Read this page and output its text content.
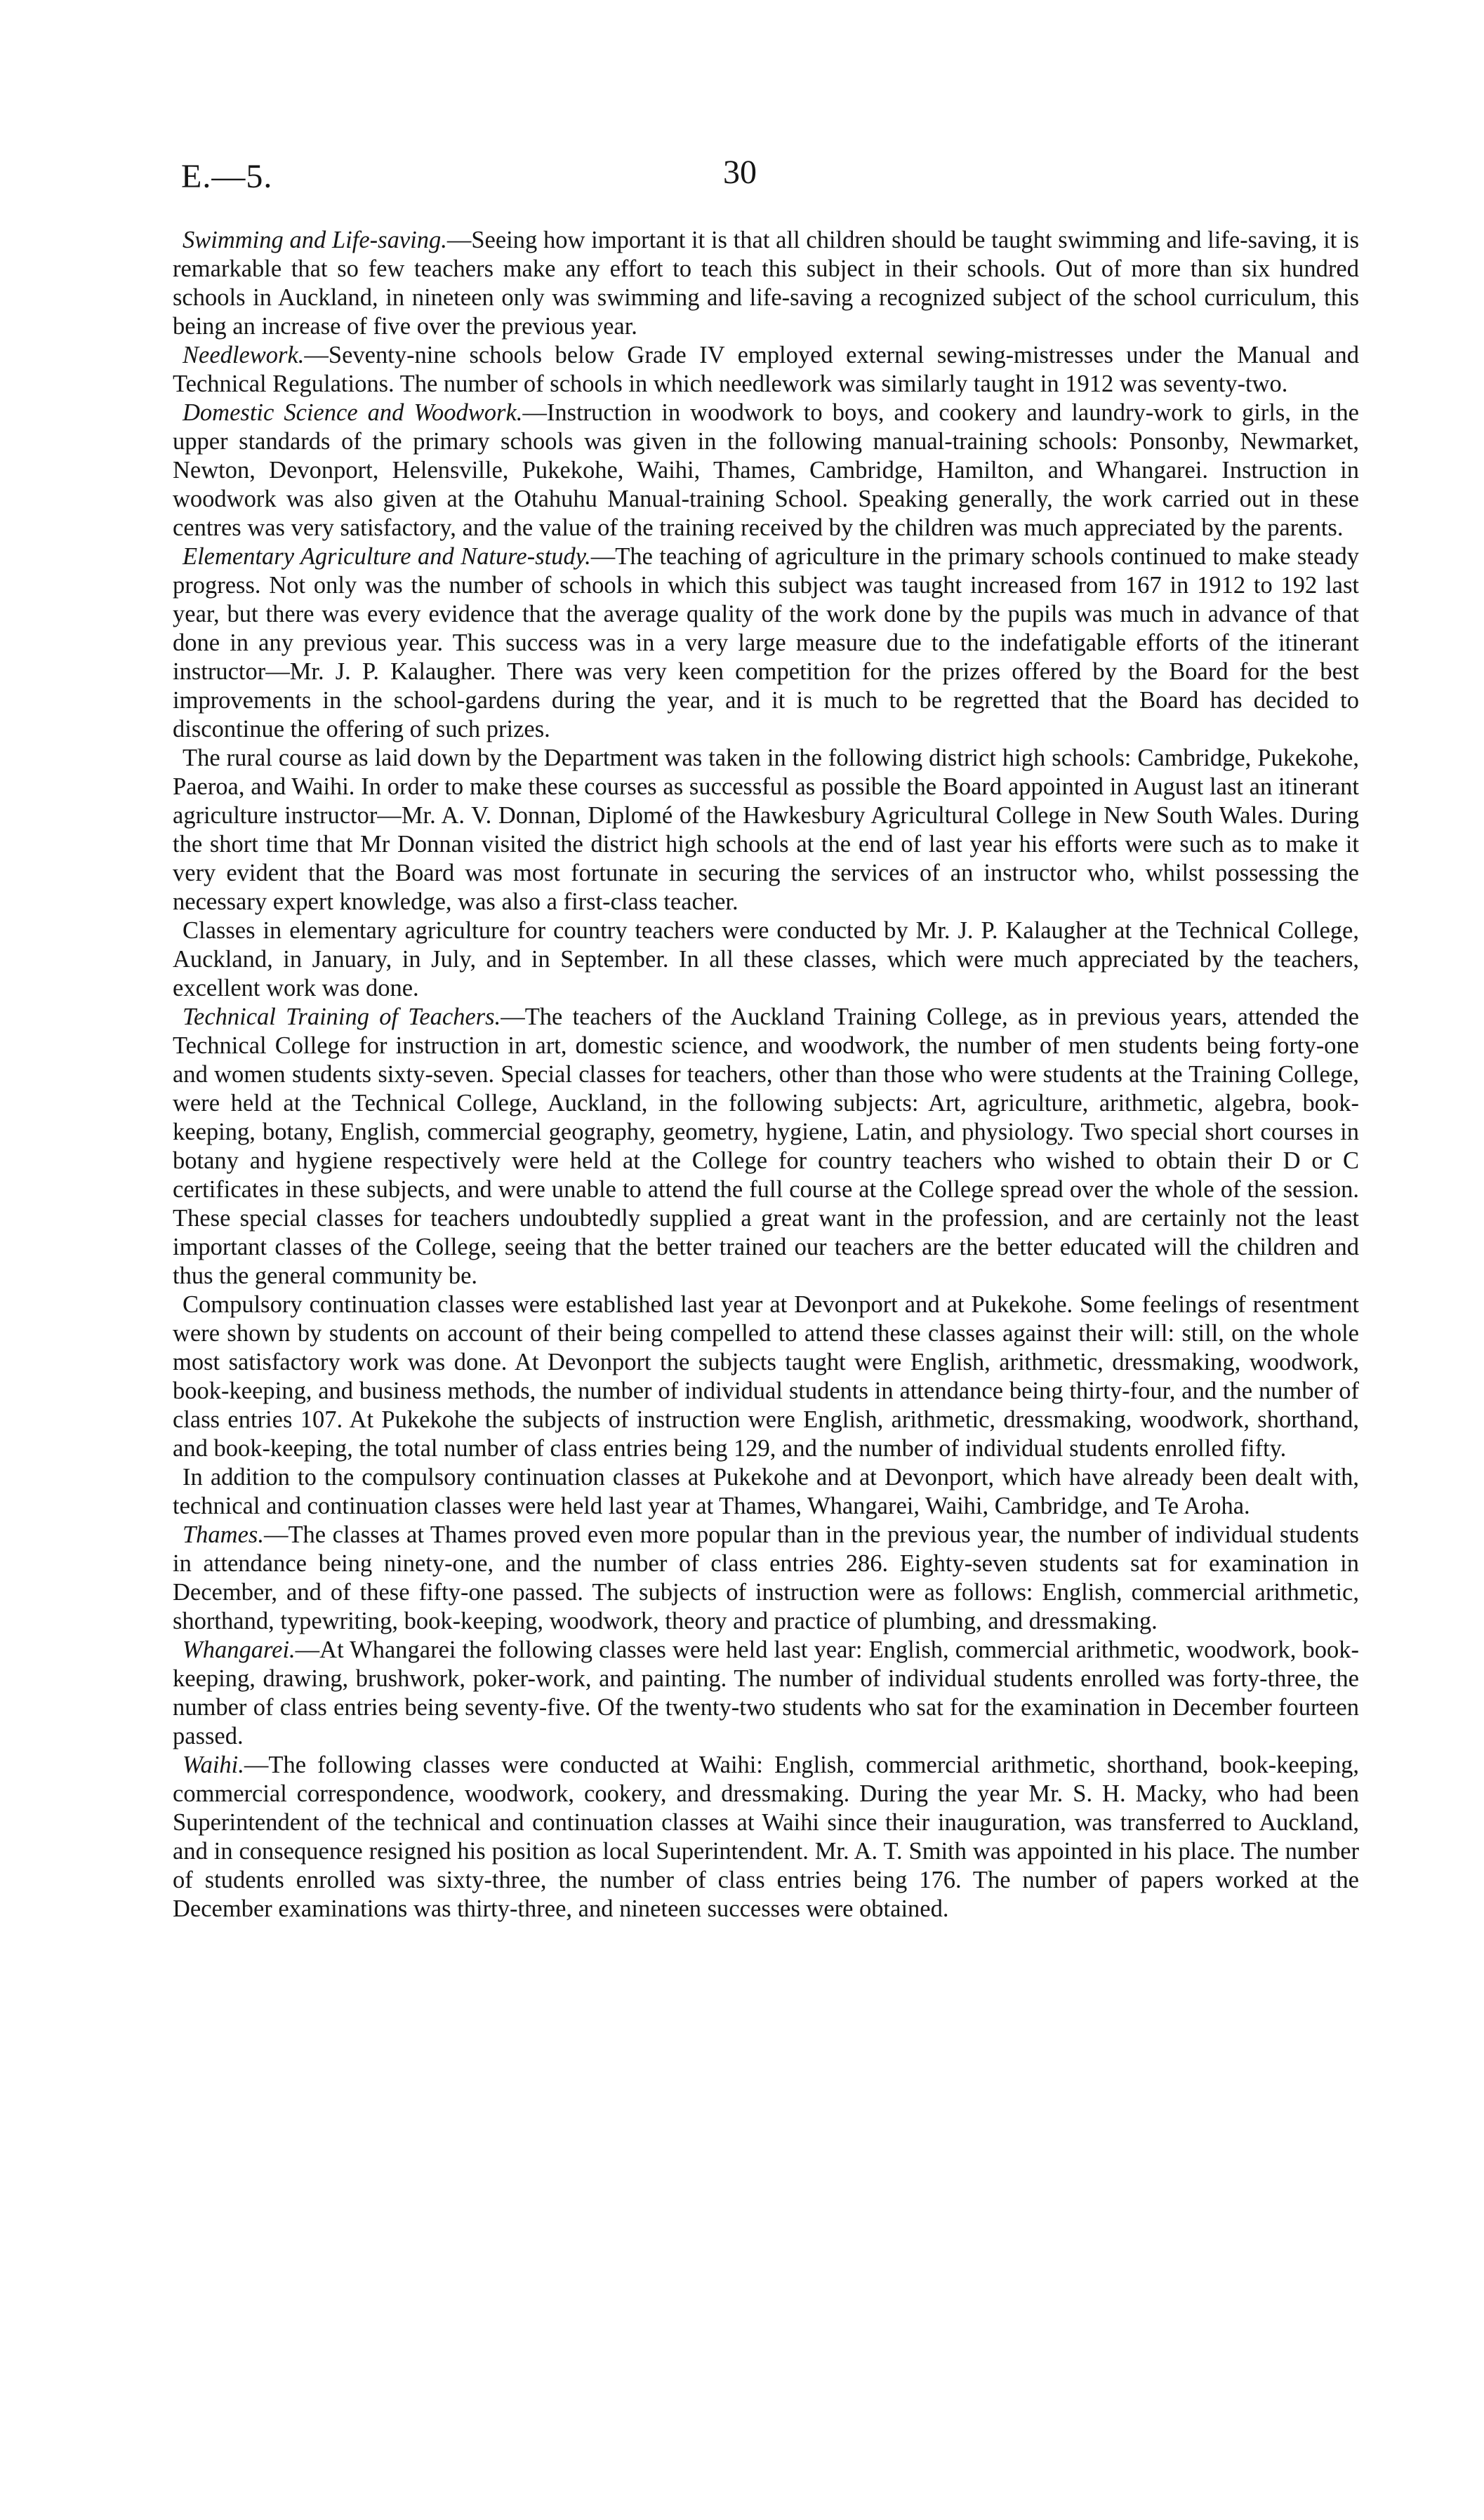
E.—5.	30

Swimming and Life-saving.—Seeing how important it is that all children should be taught swimming and life-saving, it is remarkable that so few teachers make any effort to teach this subject in their schools. Out of more than six hundred schools in Auckland, in nineteen only was swimming and life-saving a recognized subject of the school curriculum, this being an increase of five over the previous year.

Needlework.—Seventy-nine schools below Grade IV employed external sewing-mistresses under the Manual and Technical Regulations. The number of schools in which needlework was similarly taught in 1912 was seventy-two.

Domestic Science and Woodwork.—Instruction in woodwork to boys, and cookery and laundry-work to girls, in the upper standards of the primary schools was given in the following manual-training schools: Ponsonby, Newmarket, Newton, Devonport, Helensville, Pukekohe, Waihi, Thames, Cambridge, Hamilton, and Whangarei. Instruction in woodwork was also given at the Otahuhu Manual-training School. Speaking generally, the work carried out in these centres was very satisfactory, and the value of the training received by the children was much appreciated by the parents.

Elementary Agriculture and Nature-study.—The teaching of agriculture in the primary schools continued to make steady progress. Not only was the number of schools in which this subject was taught increased from 167 in 1912 to 192 last year, but there was every evidence that the average quality of the work done by the pupils was much in advance of that done in any previous year. This success was in a very large measure due to the indefatigable efforts of the itinerant instructor—Mr. J. P. Kalaugher. There was very keen competition for the prizes offered by the Board for the best improvements in the school-gardens during the year, and it is much to be regretted that the Board has decided to discontinue the offering of such prizes.

The rural course as laid down by the Department was taken in the following district high schools: Cambridge, Pukekohe, Paeroa, and Waihi. In order to make these courses as successful as possible the Board appointed in August last an itinerant agriculture instructor—Mr. A. V. Donnan, Diplomé of the Hawkesbury Agricultural College in New South Wales. During the short time that Mr Donnan visited the district high schools at the end of last year his efforts were such as to make it very evident that the Board was most fortunate in securing the services of an instructor who, whilst possessing the necessary expert knowledge, was also a first-class teacher.

Classes in elementary agriculture for country teachers were conducted by Mr. J. P. Kalaugher at the Technical College, Auckland, in January, in July, and in September. In all these classes, which were much appreciated by the teachers, excellent work was done.

Technical Training of Teachers.—The teachers of the Auckland Training College, as in previous years, attended the Technical College for instruction in art, domestic science, and woodwork, the number of men students being forty-one and women students sixty-seven. Special classes for teachers, other than those who were students at the Training College, were held at the Technical College, Auckland, in the following subjects: Art, agriculture, arithmetic, algebra, book-keeping, botany, English, commercial geography, geometry, hygiene, Latin, and physiology. Two special short courses in botany and hygiene respectively were held at the College for country teachers who wished to obtain their D or C certificates in these subjects, and were unable to attend the full course at the College spread over the whole of the session. These special classes for teachers undoubtedly supplied a great want in the profession, and are certainly not the least important classes of the College, seeing that the better trained our teachers are the better educated will the children and thus the general community be.

Compulsory continuation classes were established last year at Devonport and at Pukekohe. Some feelings of resentment were shown by students on account of their being compelled to attend these classes against their will: still, on the whole most satisfactory work was done. At Devonport the subjects taught were English, arithmetic, dressmaking, woodwork, book-keeping, and business methods, the number of individual students in attendance being thirty-four, and the number of class entries 107. At Pukekohe the subjects of instruction were English, arithmetic, dressmaking, woodwork, shorthand, and book-keeping, the total number of class entries being 129, and the number of individual students enrolled fifty.

In addition to the compulsory continuation classes at Pukekohe and at Devonport, which have already been dealt with, technical and continuation classes were held last year at Thames, Whangarei, Waihi, Cambridge, and Te Aroha.

Thames.—The classes at Thames proved even more popular than in the previous year, the number of individual students in attendance being ninety-one, and the number of class entries 286. Eighty-seven students sat for examination in December, and of these fifty-one passed. The subjects of instruction were as follows: English, commercial arithmetic, shorthand, typewriting, book-keeping, woodwork, theory and practice of plumbing, and dressmaking.

Whangarei.—At Whangarei the following classes were held last year: English, commercial arithmetic, woodwork, book-keeping, drawing, brushwork, poker-work, and painting. The number of individual students enrolled was forty-three, the number of class entries being seventy-five. Of the twenty-two students who sat for the examination in December fourteen passed.

Waihi.—The following classes were conducted at Waihi: English, commercial arithmetic, shorthand, book-keeping, commercial correspondence, woodwork, cookery, and dressmaking. During the year Mr. S. H. Macky, who had been Superintendent of the technical and continuation classes at Waihi since their inauguration, was transferred to Auckland, and in consequence resigned his position as local Superintendent. Mr. A. T. Smith was appointed in his place. The number of students enrolled was sixty-three, the number of class entries being 176. The number of papers worked at the December examinations was thirty-three, and nineteen successes were obtained.
